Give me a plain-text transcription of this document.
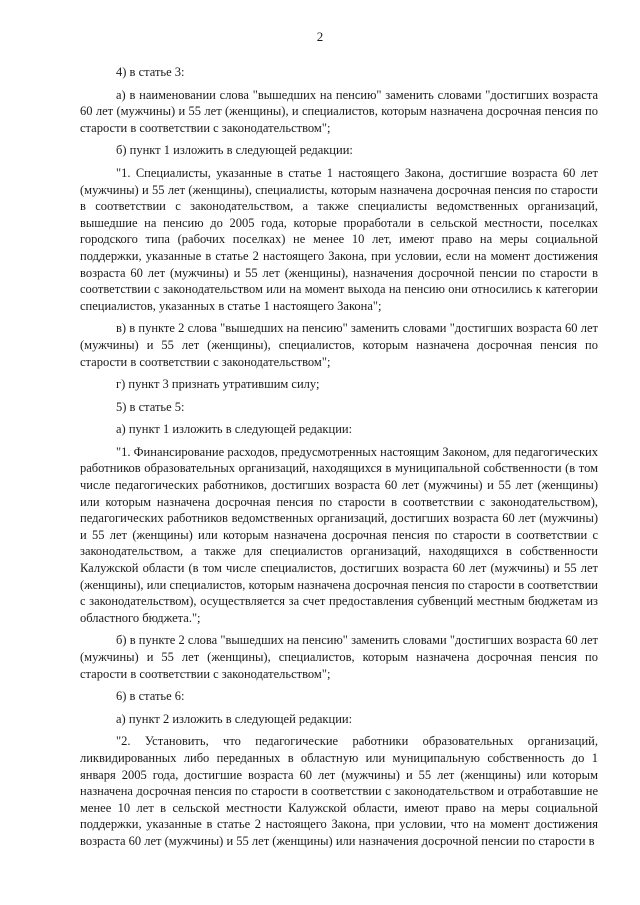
2

4) в статье 3:

а) в наименовании слова "вышедших на пенсию" заменить словами "достигших возраста 60 лет (мужчины) и 55 лет (женщины), и специалистов, которым назначена досрочная пенсия по старости в соответствии с законодательством";

б) пункт 1 изложить в следующей редакции:

"1. Специалисты, указанные в статье 1 настоящего Закона, достигшие возраста 60 лет (мужчины) и 55 лет (женщины), специалисты, которым назначена досрочная пенсия по старости в соответствии с законодательством, а также специалисты ведомственных организаций, вышедшие на пенсию до 2005 года, которые проработали в сельской местности, поселках городского типа (рабочих поселках) не менее 10 лет, имеют право на меры социальной поддержки, указанные в статье 2 настоящего Закона, при условии, если на момент достижения возраста 60 лет (мужчины) и 55 лет (женщины), назначения досрочной пенсии по старости в соответствии с законодательством или на момент выхода на пенсию они относились к категории специалистов, указанных в статье 1 настоящего Закона";

в) в пункте 2 слова "вышедших на пенсию" заменить словами "достигших возраста 60 лет (мужчины) и 55 лет (женщины), специалистов, которым назначена досрочная пенсия по старости в соответствии с законодательством";

г) пункт 3 признать утратившим силу;

5) в статье 5:

а) пункт 1 изложить в следующей редакции:

"1. Финансирование расходов, предусмотренных настоящим Законом, для педагогических работников образовательных организаций, находящихся в муниципальной собственности (в том числе педагогических работников, достигших возраста 60 лет (мужчины) и 55 лет (женщины) или которым назначена досрочная пенсия по старости в соответствии с законодательством), педагогических работников ведомственных организаций, достигших возраста 60 лет (мужчины) и 55 лет (женщины) или которым назначена досрочная пенсия по старости в соответствии с законодательством, а также для специалистов организаций, находящихся в собственности Калужской области (в том числе специалистов, достигших возраста 60 лет (мужчины) и 55 лет (женщины), или специалистов, которым назначена досрочная пенсия по старости в соответствии с законодательством), осуществляется за счет предоставления субвенций местным бюджетам из областного бюджета.";

б) в пункте 2 слова "вышедших на пенсию" заменить словами "достигших возраста 60 лет (мужчины) и 55 лет (женщины), специалистов, которым назначена досрочная пенсия по старости в соответствии с законодательством";

6) в статье 6:

а) пункт 2 изложить в следующей редакции:

"2. Установить, что педагогические работники образовательных организаций, ликвидированных либо переданных в областную или муниципальную собственность до 1 января 2005 года, достигшие возраста 60 лет (мужчины) и 55 лет (женщины) или которым назначена досрочная пенсия по старости в соответствии с законодательством и отработавшие не менее 10 лет в сельской местности Калужской области, имеют право на меры социальной поддержки, указанные в статье 2 настоящего Закона, при условии, что на момент достижения возраста 60 лет (мужчины) и 55 лет (женщины) или назначения досрочной пенсии по старости в
